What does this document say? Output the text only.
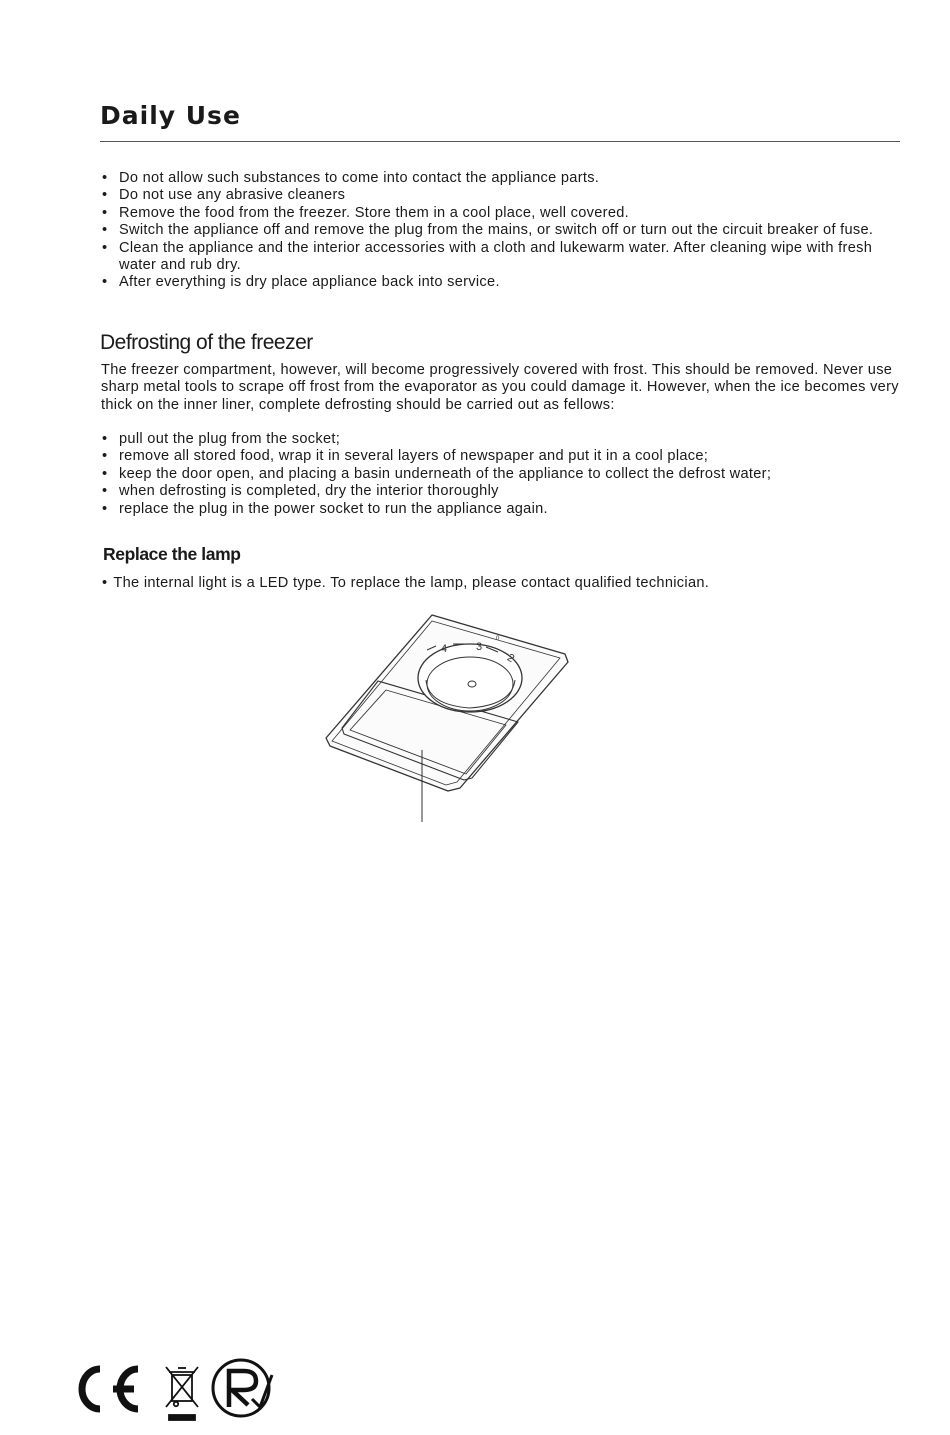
Daily Use
• Do not allow such substances to come into contact the appliance parts.
• Do not use any abrasive cleaners
• Remove the food from the freezer. Store them in a cool place, well covered.
• Switch the appliance off and remove the plug from the mains, or switch off or turn out the circuit breaker of fuse.
• Clean the appliance and the interior accessories with a cloth and lukewarm water. After cleaning wipe with fresh water and rub dry.
• After everything is dry place appliance back into service.
Defrosting of the freezer

The freezer compartment, however, will become progressively covered with frost. This should be removed. Never use sharp metal tools to scrape off frost from the evaporator as you could damage it. However, when the ice becomes very thick on the inner liner, complete defrosting should be carried out as fellows:

• pull out the plug from the socket;
• remove all stored food, wrap it in several layers of newspaper and put it in a cool place;
• keep the door open, and placing a basin underneath of the appliance to collect the defrost water;
• when defrosting is completed, dry the interior thoroughly
• replace the plug in the power socket to run the appliance again.
Replace the lamp
• The internal light is a LED type. To replace the lamp, please contact qualified technician.
4	3
2
0
